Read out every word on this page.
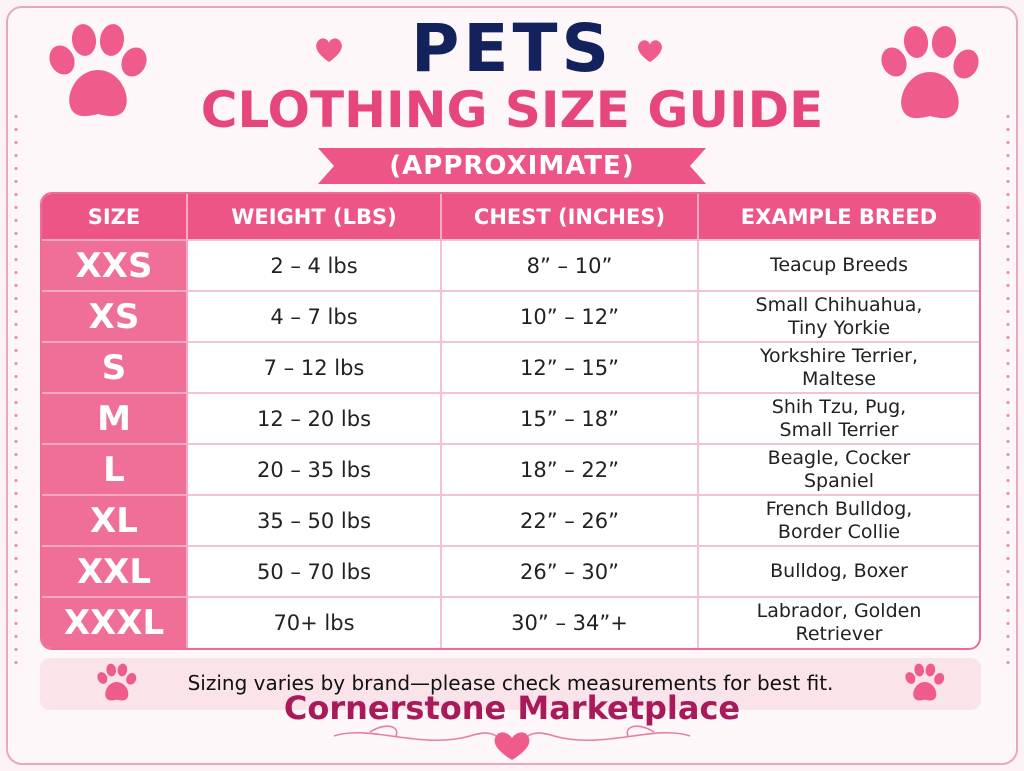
PETS
CLOTHING SIZE GUIDE
(APPROXIMATE)
SIZE	WEIGHT (LBS)	CHEST (INCHES)	EXAMPLE BREED
XXS	2 – 4 lbs	8” – 10”	Teacup Breeds

XS	4 – 7 lbs	10” – 12”	Small Chihuahua,
Tiny Yorkie

S	7 – 12 lbs	12” – 15”	Yorkshire Terrier,
Maltese

M	12 – 20 lbs	15” – 18”	Shih Tzu, Pug,
Small Terrier

L	20 – 35 lbs	18” – 22”	Beagle, Cocker
Spaniel

XL	35 – 50 lbs	22” – 26”	French Bulldog,
Border Collie

XXL	50 – 70 lbs	26” – 30”	Bulldog, Boxer

XXXL	70+ lbs	30” – 34”+	Labrador, Golden
Retriever
Sizing varies by brand—please check measurements for best fit.
Cornerstone Marketplace
